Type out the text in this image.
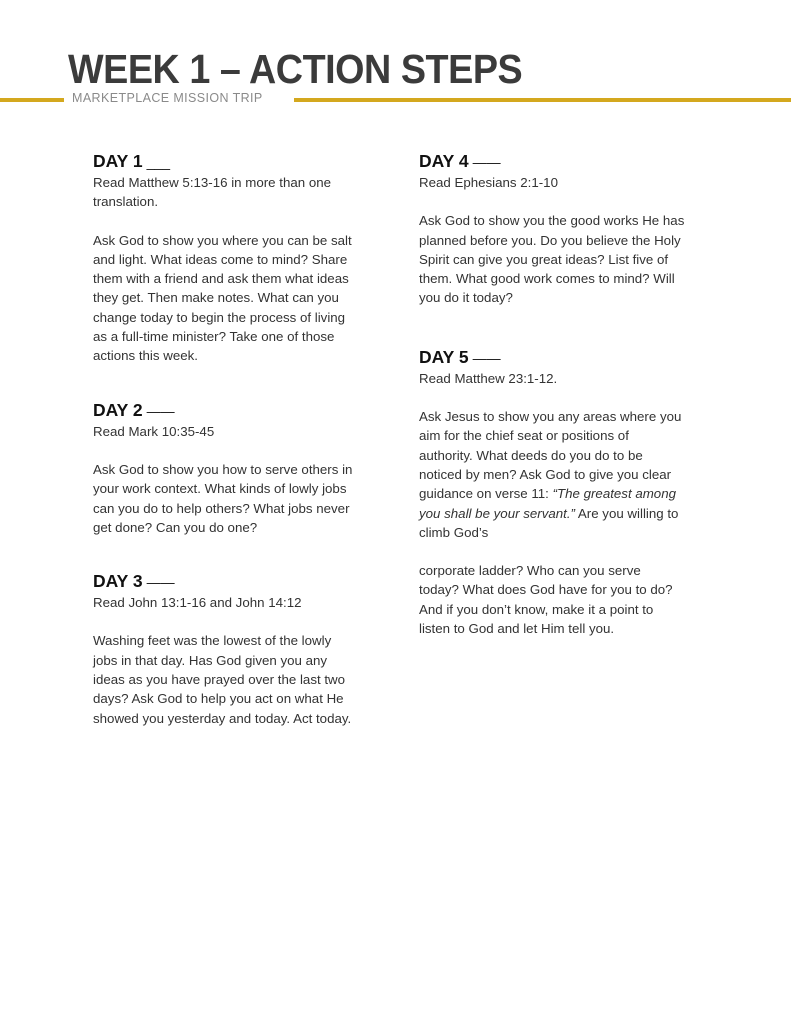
WEEK 1 – ACTION STEPS

MARKETPLACE MISSION TRIP

DAY 1 ___

Read Matthew 5:13-16 in more than one
translation.

Ask God to show you where you can be salt
and light. What ideas come to mind? Share
them with a friend and ask them what ideas
they get. Then make notes. What can you
change today to begin the process of living
as a full-time minister? Take one of those
actions this week.

DAY 2 ——

Read Mark 10:35-45

Ask God to show you how to serve others in
your work context. What kinds of lowly jobs
can you do to help others? What jobs never
get done? Can you do one?

DAY 3 ——

Read John 13:1-16 and John 14:12

Washing feet was the lowest of the lowly
jobs in that day. Has God given you any
ideas as you have prayed over the last two
days? Ask God to help you act on what He
showed you yesterday and today. Act today.

DAY 4 ——

Read Ephesians 2:1-10

Ask God to show you the good works He has
planned before you. Do you believe the Holy
Spirit can give you great ideas? List five of
them. What good work comes to mind? Will
you do it today?

DAY 5 ——

Read Matthew 23:1-12.

Ask Jesus to show you any areas where you
aim for the chief seat or positions of
authority. What deeds do you do to be
noticed by men? Ask God to give you clear
guidance on verse 11: “The greatest among
you shall be your servant.” Are you willing to
climb God’s

corporate ladder? Who can you serve
today? What does God have for you to do?
And if you don’t know, make it a point to
listen to God and let Him tell you.
